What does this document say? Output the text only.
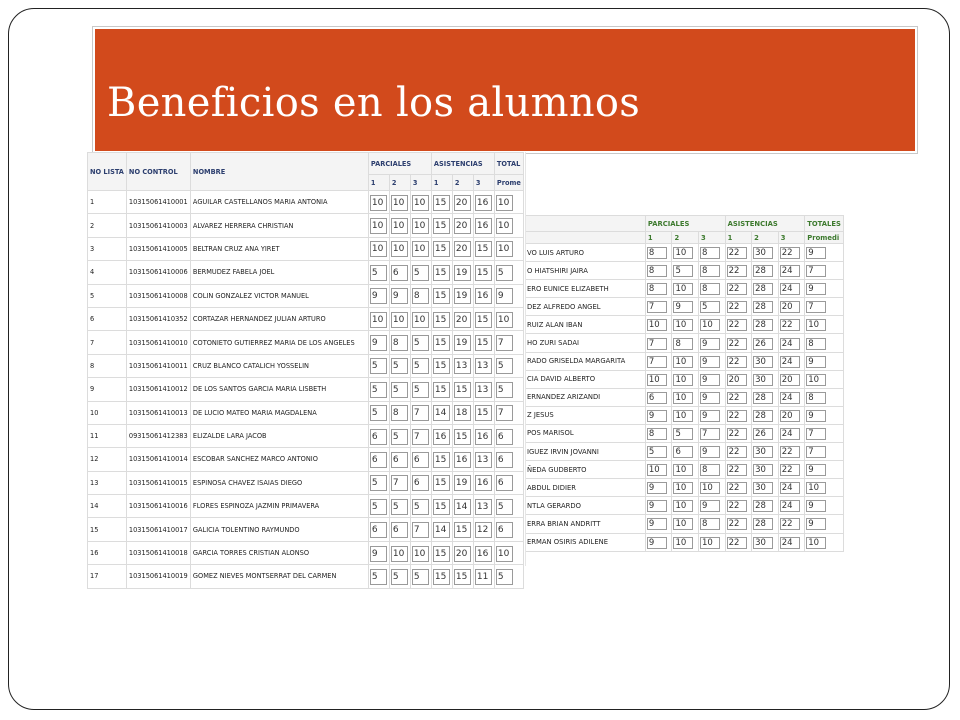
Beneficios en los alumnos
	PARCIALES			ASISTENCIAS			TOTALES
	1	2	3	1	2	3	Promedi
VO LUIS ARTURO	8	10	8	22	30	22	9
O HIATSHIRI JAIRA	8	5	8	22	28	24	7
ERO EUNICE ELIZABETH	8	10	8	22	28	24	9
DEZ ALFREDO ANGEL	7	9	5	22	28	20	7
RUIZ ALAN IBAN	10	10	10	22	28	22	10
HO ZURI SADAI	7	8	9	22	26	24	8
RADO GRISELDA MARGARITA	7	10	9	22	30	24	9
CIA DAVID ALBERTO	10	10	9	20	30	20	10
ERNANDEZ ARIZANDI	6	10	9	22	28	24	8
Z JESUS	9	10	9	22	28	20	9
POS MARISOL	8	5	7	22	26	24	7
IGUEZ IRVIN JOVANNI	5	6	9	22	30	22	7
ÑEDA GUDBERTO	10	10	8	22	30	22	9
ABDUL DIDIER	9	10	10	22	30	24	10
NTLA GERARDO	9	10	9	22	28	24	9
ERRA BRIAN ANDRITT	9	10	8	22	28	22	9
ERMAN OSIRIS ADILENE	9	10	10	22	30	24	10
NO LISTA	NO CONTROL	NOMBRE	PARCIALES			ASISTENCIAS			TOTAL
			1	2	3	1	2	3	Prome
1	10315061410001	AGUILAR CASTELLANOS MARIA ANTONIA	10	10	10	15	20	16	10
2	10315061410003	ALVAREZ HERRERA CHRISTIAN	10	10	10	15	20	16	10
3	10315061410005	BELTRAN CRUZ ANA YIRET	10	10	10	15	20	15	10
4	10315061410006	BERMUDEZ FABELA JOEL	5	6	5	15	19	15	5
5	10315061410008	COLIN GONZALEZ VICTOR MANUEL	9	9	8	15	19	16	9
6	10315061410352	CORTAZAR HERNANDEZ JULIAN ARTURO	10	10	10	15	20	15	10
7	10315061410010	COTONIETO GUTIERREZ MARIA DE LOS ANGELES	9	8	5	15	19	15	7
8	10315061410011	CRUZ BLANCO CATALICH YOSSELIN	5	5	5	15	13	13	5
9	10315061410012	DE LOS SANTOS GARCIA MARIA LISBETH	5	5	5	15	15	13	5
10	10315061410013	DE LUCIO MATEO MARIA MAGDALENA	5	8	7	14	18	15	7
11	09315061412383	ELIZALDE LARA JACOB	6	5	7	16	15	16	6
12	10315061410014	ESCOBAR SANCHEZ MARCO ANTONIO	6	6	6	15	16	13	6
13	10315061410015	ESPINOSA CHAVEZ ISAIAS DIEGO	5	7	6	15	19	16	6
14	10315061410016	FLORES ESPINOZA JAZMIN PRIMAVERA	5	5	5	15	14	13	5
15	10315061410017	GALICIA TOLENTINO RAYMUNDO	6	6	7	14	15	12	6
16	10315061410018	GARCIA TORRES CRISTIAN ALONSO	9	10	10	15	20	16	10
17	10315061410019	GOMEZ NIEVES MONTSERRAT DEL CARMEN	5	5	5	15	15	11	5
